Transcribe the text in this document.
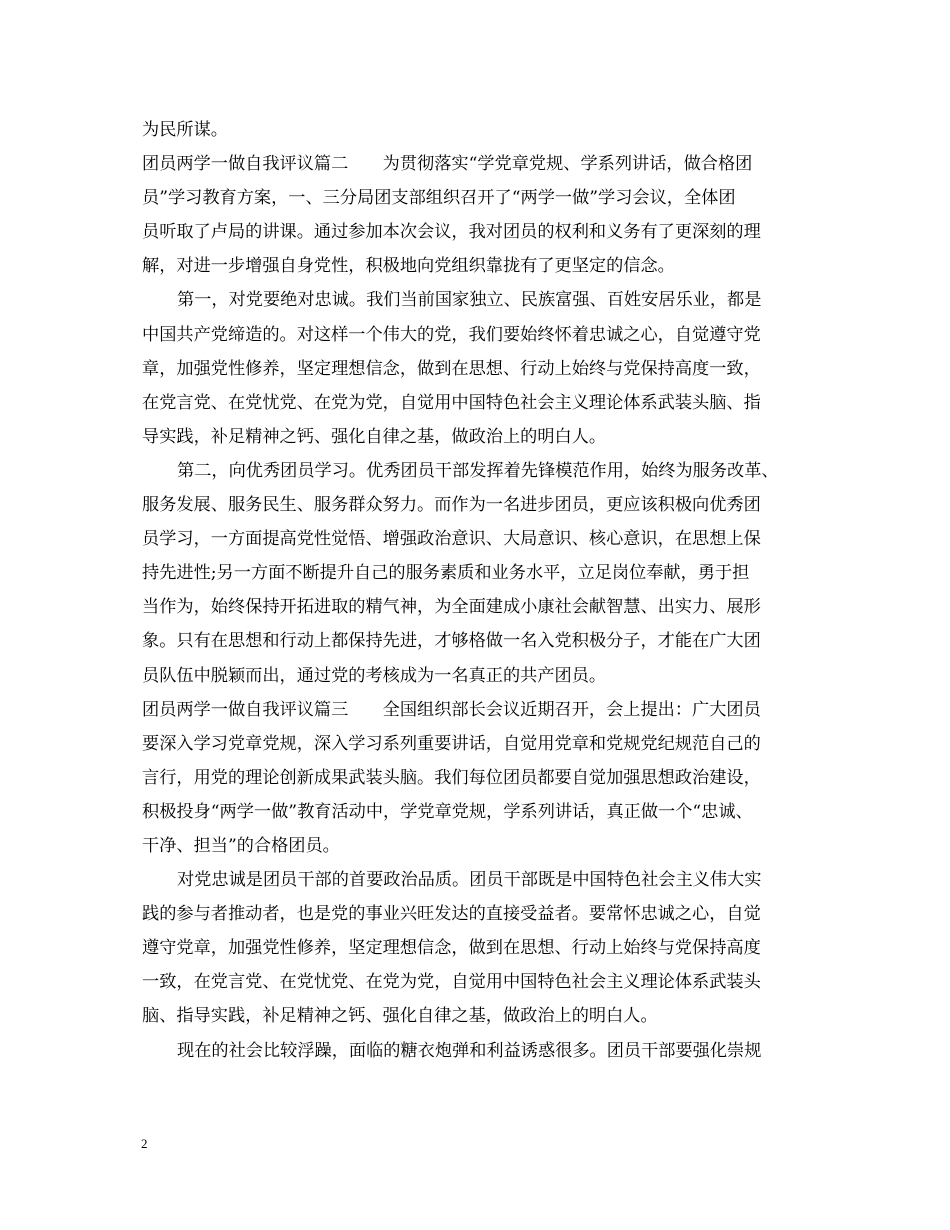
为民所谋。
团员两学一做自我评议篇二　　为贯彻落实“学党章党规、学系列讲话，做合格团
员”学习教育方案，一、三分局团支部组织召开了“两学一做”学习会议，全体团
员听取了卢局的讲课。通过参加本次会议，我对团员的权利和义务有了更深刻的理
解，对进一步增强自身党性，积极地向党组织靠拢有了更坚定的信念。
第一，对党要绝对忠诚。我们当前国家独立、民族富强、百姓安居乐业，都是
中国共产党缔造的。对这样一个伟大的党，我们要始终怀着忠诚之心，自觉遵守党
章，加强党性修养，坚定理想信念，做到在思想、行动上始终与党保持高度一致，
在党言党、在党忧党、在党为党，自觉用中国特色社会主义理论体系武装头脑、指
导实践，补足精神之钙、强化自律之基，做政治上的明白人。
第二，向优秀团员学习。优秀团员干部发挥着先锋模范作用，始终为服务改革、
服务发展、服务民生、服务群众努力。而作为一名进步团员，更应该积极向优秀团
员学习，一方面提高党性觉悟、增强政治意识、大局意识、核心意识，在思想上保
持先进性;另一方面不断提升自己的服务素质和业务水平，立足岗位奉献，勇于担
当作为，始终保持开拓进取的精气神，为全面建成小康社会献智慧、出实力、展形
象。只有在思想和行动上都保持先进，才够格做一名入党积极分子，才能在广大团
员队伍中脱颖而出，通过党的考核成为一名真正的共产团员。
团员两学一做自我评议篇三　　全国组织部长会议近期召开，会上提出：广大团员
要深入学习党章党规，深入学习系列重要讲话，自觉用党章和党规党纪规范自己的
言行，用党的理论创新成果武装头脑。我们每位团员都要自觉加强思想政治建设，
积极投身“两学一做”教育活动中，学党章党规，学系列讲话，真正做一个“忠诚、
干净、担当”的合格团员。
对党忠诚是团员干部的首要政治品质。团员干部既是中国特色社会主义伟大实
践的参与者推动者，也是党的事业兴旺发达的直接受益者。要常怀忠诚之心，自觉
遵守党章，加强党性修养，坚定理想信念，做到在思想、行动上始终与党保持高度
一致，在党言党、在党忧党、在党为党，自觉用中国特色社会主义理论体系武装头
脑、指导实践，补足精神之钙、强化自律之基，做政治上的明白人。
现在的社会比较浮躁，面临的糖衣炮弹和利益诱惑很多。团员干部要强化崇规
2
